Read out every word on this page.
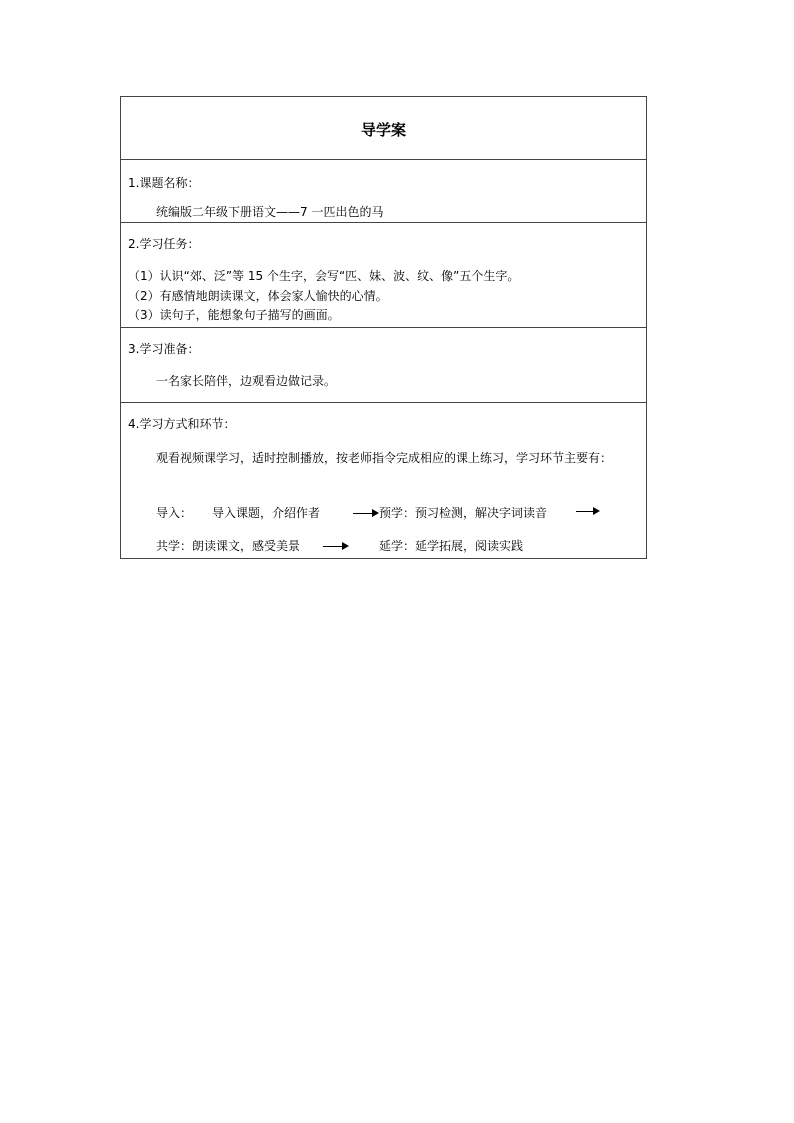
导学案
1.课题名称：
统编版二年级下册语文——7 一匹出色的马
2.学习任务：
（1）认识“郊、泛”等 15 个生字，会写“匹、妹、波、纹、像”五个生字。
（2）有感情地朗读课文，体会家人愉快的心情。
（3）读句子，能想象句子描写的画面。
3.学习准备：
一名家长陪伴，边观看边做记录。
4.学习方式和环节：
观看视频课学习，适时控制播放，按老师指令完成相应的课上练习，学习环节主要有：
导入： 导入课题，介绍作者	预学：预习检测，解决字词读音
共学：朗读课文，感受美景	延学：延学拓展，阅读实践
